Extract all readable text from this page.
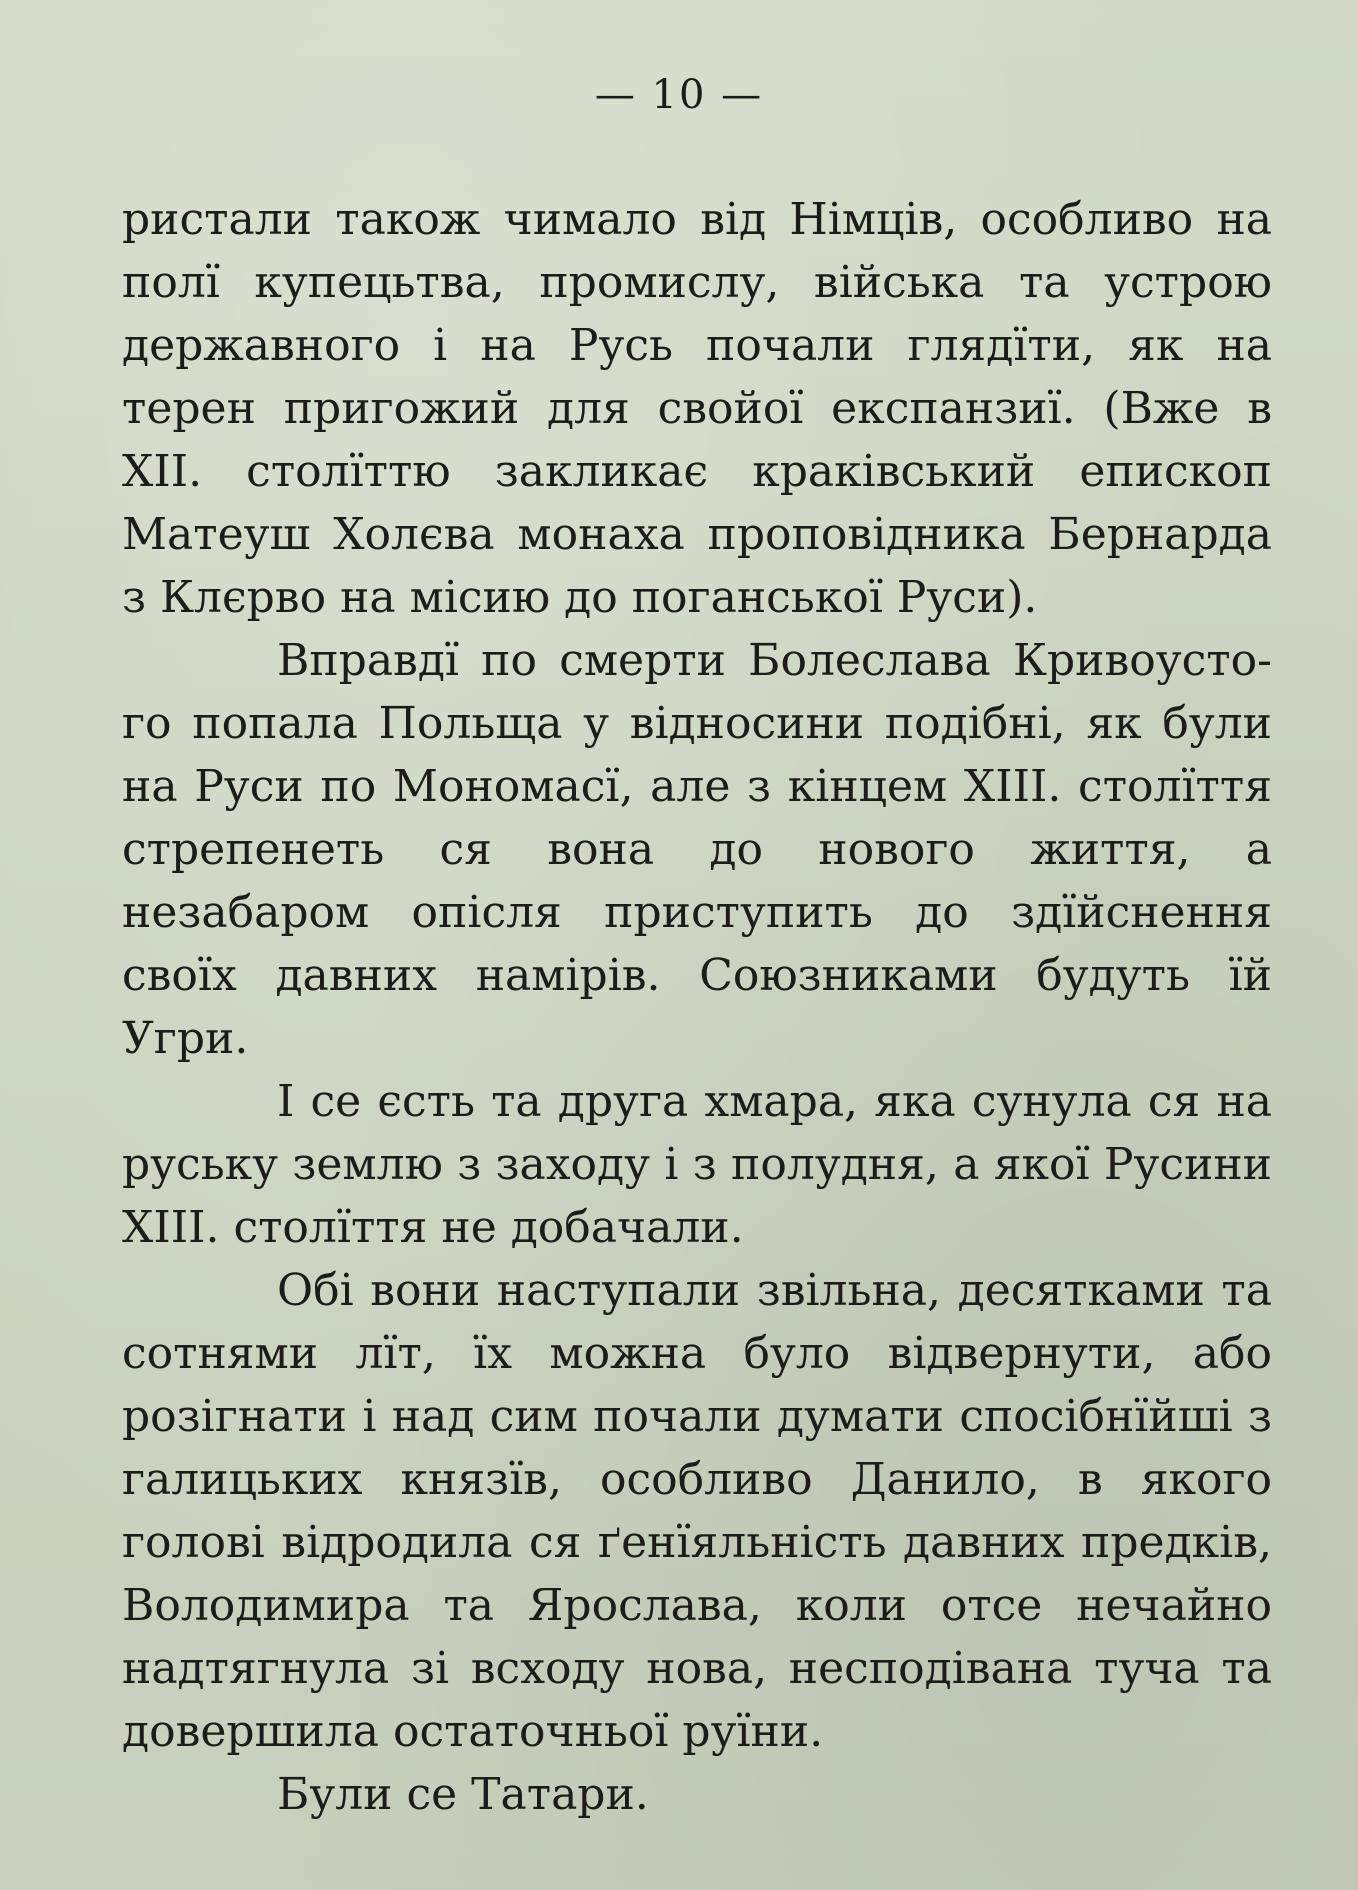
— 10 —

ристали також чимало від Німців, особливо на полї купецьтва, промислу, війська та устрою державного і на Русь почали глядїти, як на терен пригожий для свойої експанзиї. (Вже в XII. столїттю закликає краківський епископ Матеуш Холєва монаха проповідника Бернарда з Клєрво на місию до поганської Руси).

Вправдї по смерти Болеслава Кривоустого попала Польща у відносини подібні, як були на Руси по Мономасї, але з кінцем XIII. столїття стрепенеть ся вона до нового життя, а незабаром опісля приступить до здїйснення своїх давних намірів. Союзниками будуть їй Угри.

І се єсть та друга хмара, яка сунула ся на руську землю з заходу і з полудня, а якої Русини XIII. столїття не добачали.

Обі вони наступали звільна, десятками та сотнями лїт, їх можна було відвернути, або розігнати і над сим почали думати спосібнїйші з галицьких князїв, особливо Данило, в якого голові відродила ся ґенїяльність давних предків, Володимира та Ярослава, коли отсе нечайно надтягнула зі всходу нова, несподівана туча та довершила остаточньої руїни.

Були се Татари.
